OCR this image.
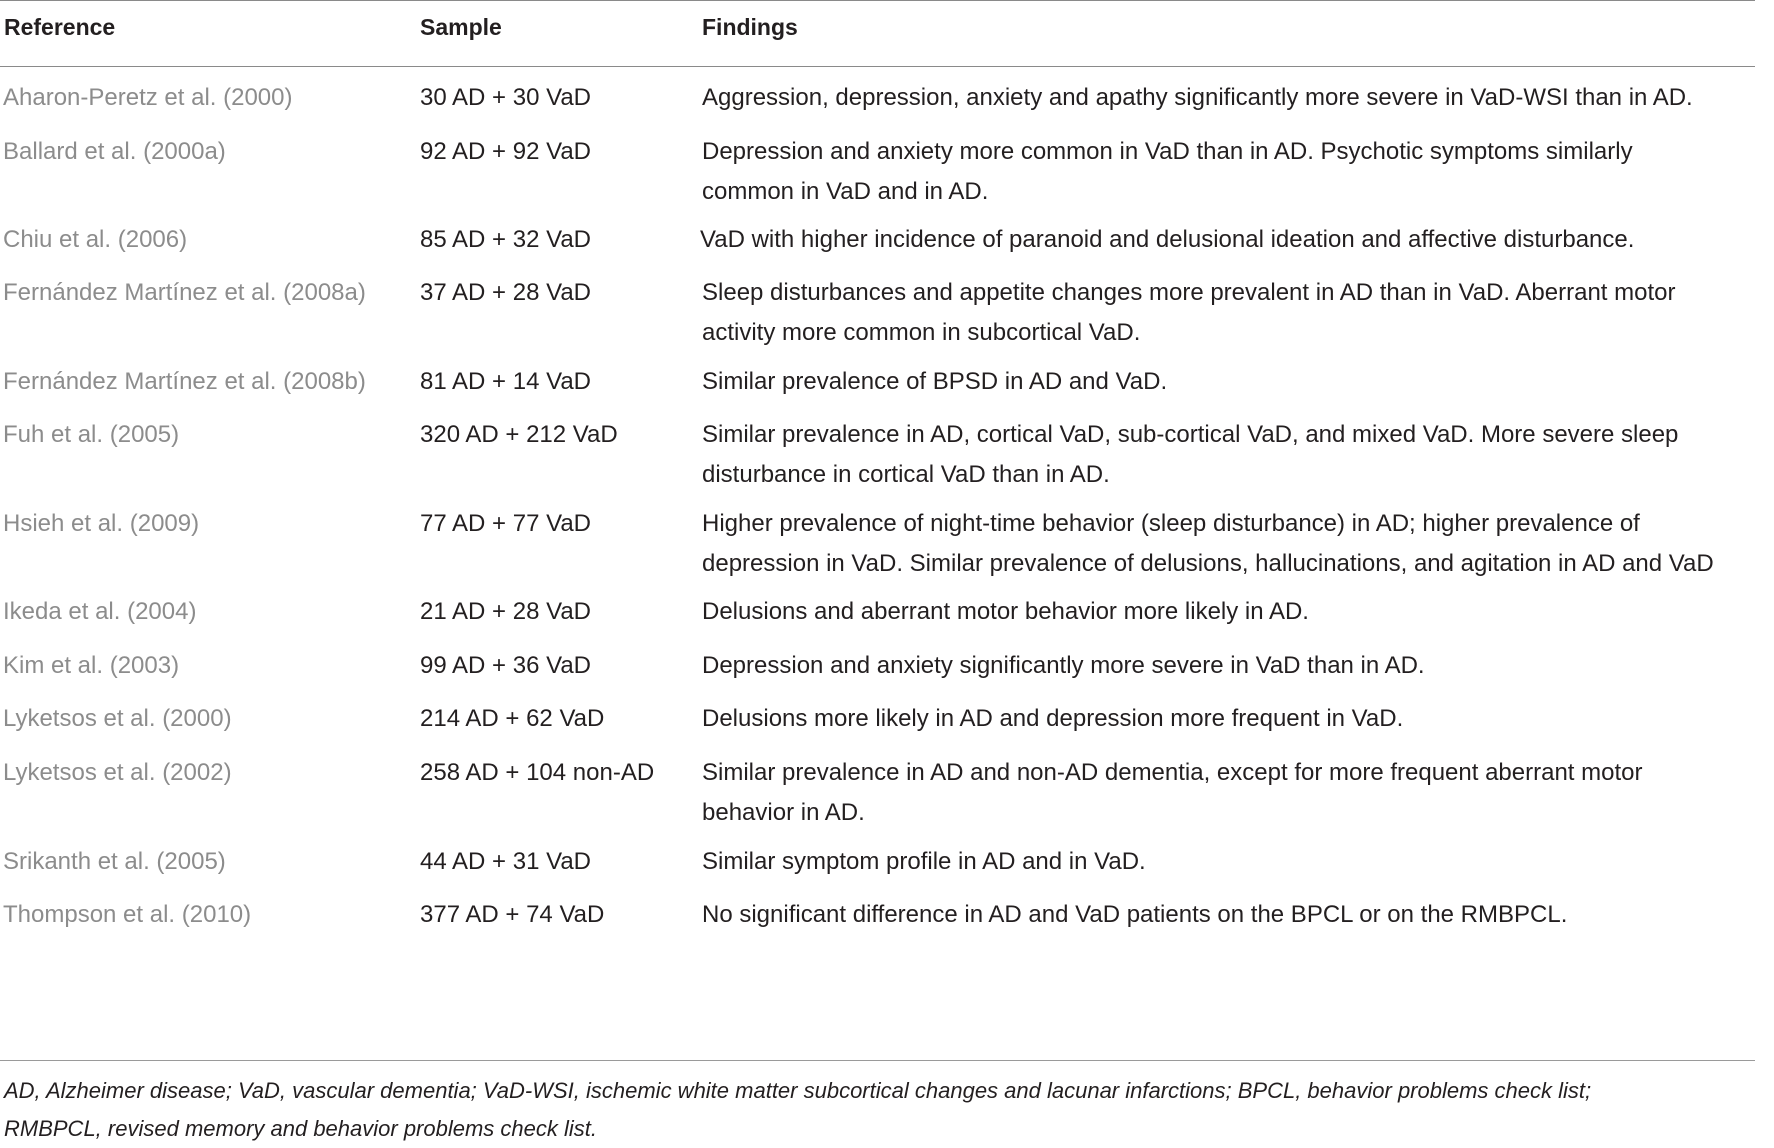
Reference	Sample	Findings
Aharon-Peretz et al. (2000)	30 AD + 30 VaD	Aggression, depression, anxiety and apathy significantly more severe in VaD-WSI than in AD.
Ballard et al. (2000a)	92 AD + 92 VaD	Depression and anxiety more common in VaD than in AD. Psychotic symptoms similarly
common in VaD and in AD.
Chiu et al. (2006)	85 AD + 32 VaD	VaD with higher incidence of paranoid and delusional ideation and affective disturbance.
Fernández Martínez et al. (2008a) 37 AD + 28 VaD	Sleep disturbances and appetite changes more prevalent in AD than in VaD. Aberrant motor
activity more common in subcortical VaD.
Fernández Martínez et al. (2008b) 81 AD + 14 VaD	Similar prevalence of BPSD in AD and VaD.
Fuh et al. (2005)	320 AD + 212 VaD	Similar prevalence in AD, cortical VaD, sub-cortical VaD, and mixed VaD. More severe sleep
disturbance in cortical VaD than in AD.
Hsieh et al. (2009)	77 AD + 77 VaD	Higher prevalence of night-time behavior (sleep disturbance) in AD; higher prevalence of
depression in VaD. Similar prevalence of delusions, hallucinations, and agitation in AD and VaD
Ikeda et al. (2004)	21 AD + 28 VaD	Delusions and aberrant motor behavior more likely in AD.
Kim et al. (2003)	99 AD + 36 VaD	Depression and anxiety significantly more severe in VaD than in AD.
Lyketsos et al. (2000)	214 AD + 62 VaD	Delusions more likely in AD and depression more frequent in VaD.
Lyketsos et al. (2002)	258 AD + 104 non-AD Similar prevalence in AD and non-AD dementia, except for more frequent aberrant motor
behavior in AD.
Srikanth et al. (2005)	44 AD + 31 VaD	Similar symptom profile in AD and in VaD.
Thompson et al. (2010)	377 AD + 74 VaD	No significant difference in AD and VaD patients on the BPCL or on the RMBPCL.
AD, Alzheimer disease; VaD, vascular dementia; VaD-WSI, ischemic white matter subcortical changes and lacunar infarctions; BPCL, behavior problems check list;
RMBPCL, revised memory and behavior problems check list.
